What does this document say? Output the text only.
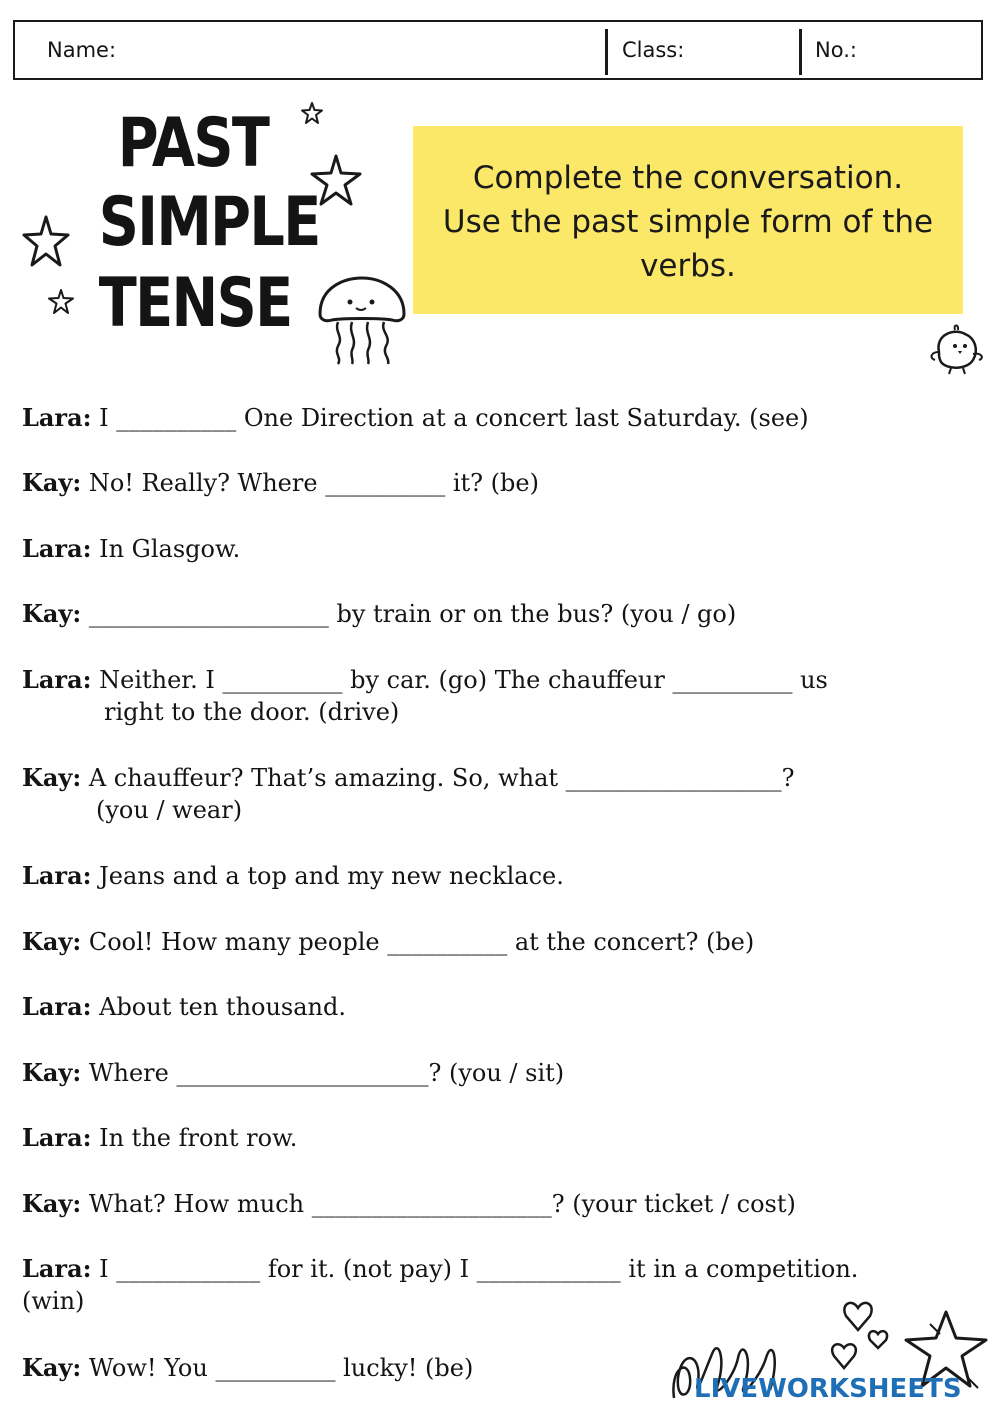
Name:	Class:	No.:
PAST
SIMPLE
TENSE
Complete the conversation.
Use the past simple form of the
verbs.
Lara: I __________ One Direction at a concert last Saturday. (see)
Kay: No! Really? Where __________ it? (be)
Lara: In Glasgow.
Kay: ____________________ by train or on the bus? (you / go)
Lara: Neither. I __________ by car. (go) The chauffeur __________ us
right to the door. (drive)
Kay: A chauffeur? That’s amazing. So, what __________________?
(you / wear)
Lara: Jeans and a top and my new necklace.
Kay: Cool! How many people __________ at the concert? (be)
Lara: About ten thousand.
Kay: Where _____________________? (you / sit)
Lara: In the front row.
Kay: What? How much ____________________? (your ticket / cost)
Lara: I ____________ for it. (not pay) I ____________ it in a competition.
(win)
Kay: Wow! You __________ lucky! (be)
LIVEWORKSHEETS
